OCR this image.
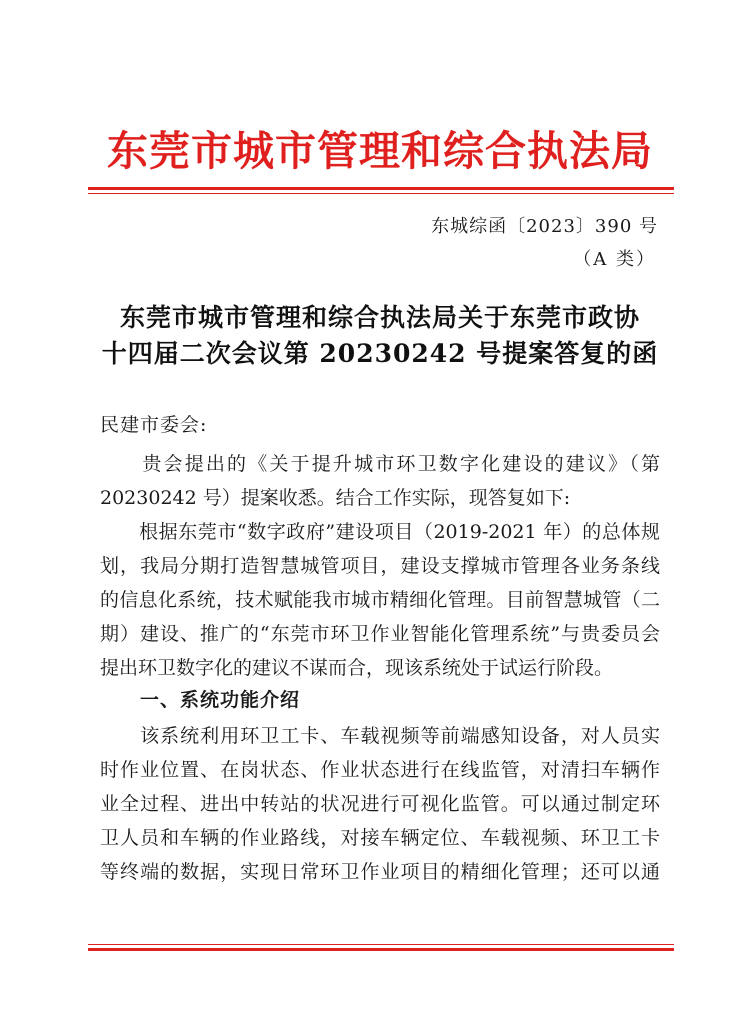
东莞市城市管理和综合执法局
东城综函〔2023〕390 号
（A 类）
东莞市城市管理和综合执法局关于东莞市政协
十四届二次会议第 20230242 号提案答复的函
民建市委会:
　　贵会提出的《关于提升城市环卫数字化建设的建议》（第
20230242 号）提案收悉。结合工作实际，现答复如下:
　　根据东莞市“数字政府”建设项目（2019-2021 年）的总体规
划，我局分期打造智慧城管项目，建设支撑城市管理各业务条线
的信息化系统，技术赋能我市城市精细化管理。目前智慧城管（二
期）建设、推广的“东莞市环卫作业智能化管理系统”与贵委员会
提出环卫数字化的建议不谋而合，现该系统处于试运行阶段。
一、系统功能介绍
　　该系统利用环卫工卡、车载视频等前端感知设备，对人员实
时作业位置、在岗状态、作业状态进行在线监管，对清扫车辆作
业全过程、进出中转站的状况进行可视化监管。可以通过制定环
卫人员和车辆的作业路线，对接车辆定位、车载视频、环卫工卡
等终端的数据，实现日常环卫作业项目的精细化管理；还可以通
